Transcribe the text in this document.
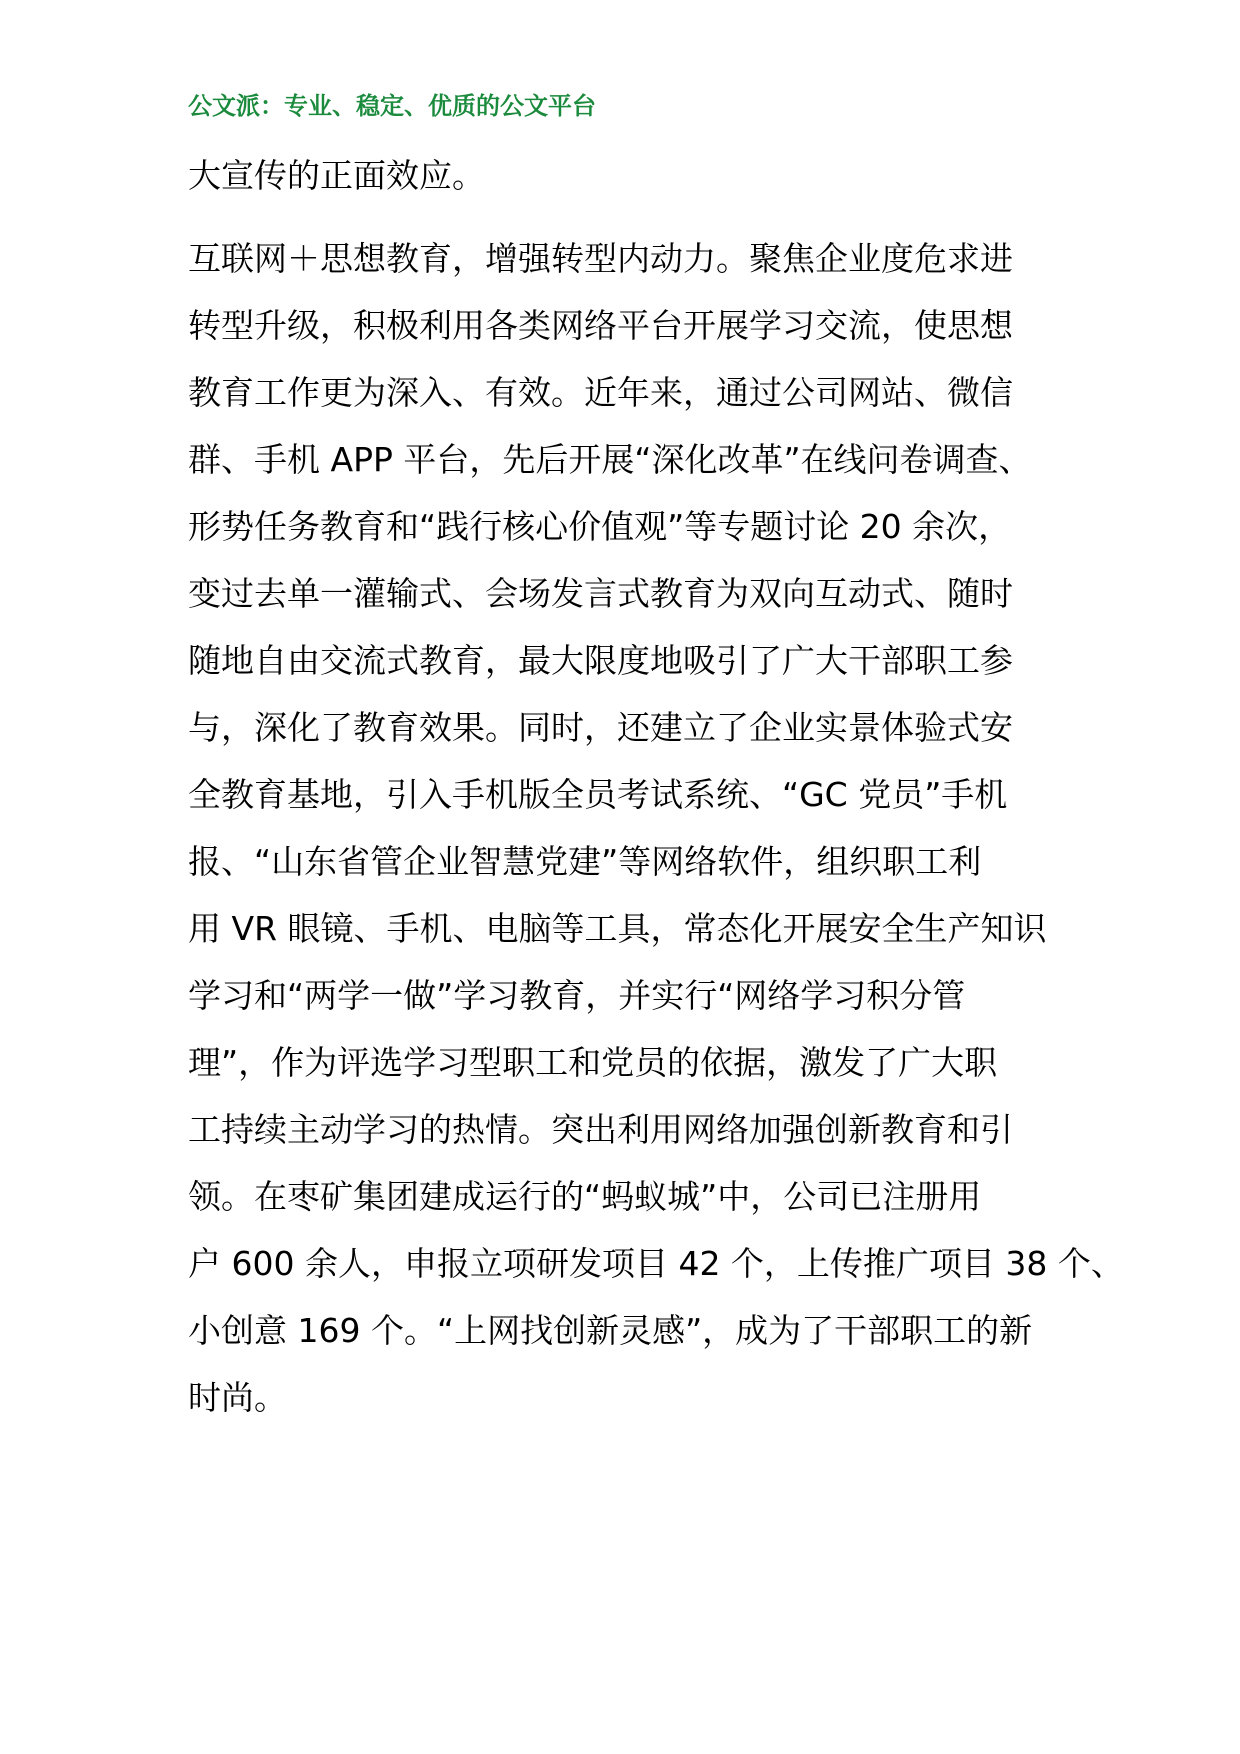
公文派：专业、稳定、优质的公文平台
大宣传的正面效应。
互联网＋思想教育，增强转型内动力。聚焦企业度危求进
转型升级，积极利用各类网络平台开展学习交流，使思想
教育工作更为深入、有效。近年来，通过公司网站、微信
群、手机 APP 平台，先后开展“深化改革”在线问卷调查、
形势任务教育和“践行核心价值观”等专题讨论 20 余次，
变过去单一灌输式、会场发言式教育为双向互动式、随时
随地自由交流式教育，最大限度地吸引了广大干部职工参
与，深化了教育效果。同时，还建立了企业实景体验式安
全教育基地，引入手机版全员考试系统、“GC 党员”手机
报、“山东省管企业智慧党建”等网络软件，组织职工利
用 VR 眼镜、手机、电脑等工具，常态化开展安全生产知识
学习和“两学一做”学习教育，并实行“网络学习积分管
理”，作为评选学习型职工和党员的依据，激发了广大职
工持续主动学习的热情。突出利用网络加强创新教育和引
领。在枣矿集团建成运行的“蚂蚁城”中，公司已注册用
户 600 余人，申报立项研发项目 42 个，上传推广项目 38 个、
小创意 169 个。“上网找创新灵感”，成为了干部职工的新
时尚。
